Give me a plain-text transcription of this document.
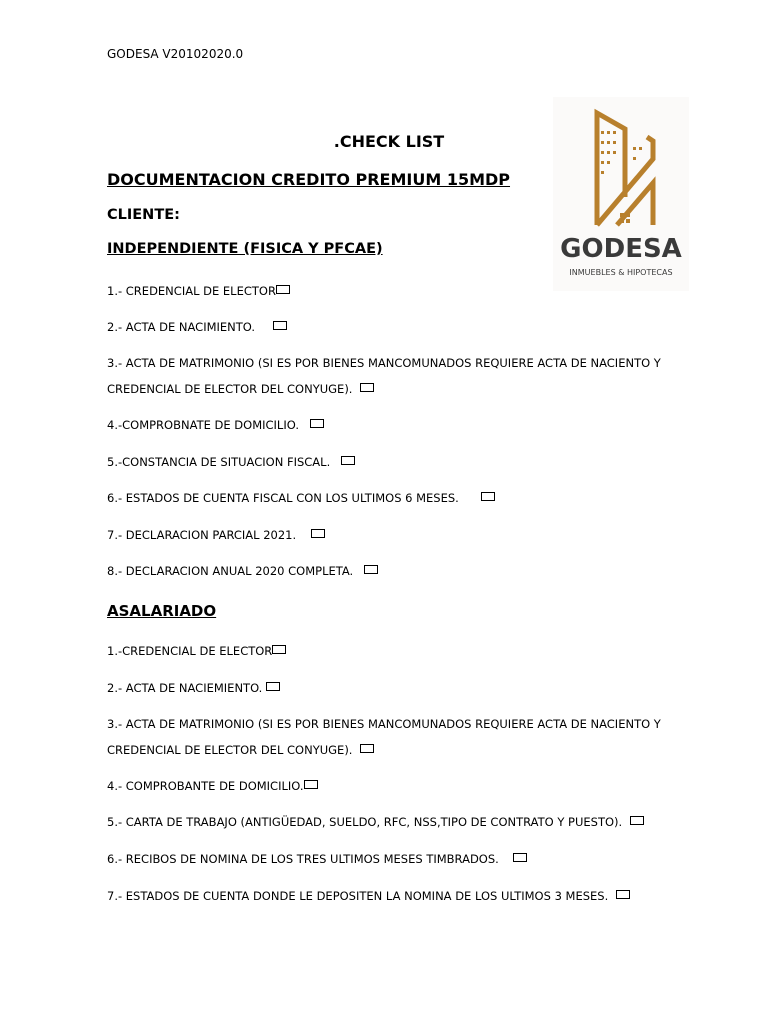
GODESA V20102020.0
GODESA
INMUEBLES & HIPOTECAS
.CHECK LIST
DOCUMENTACION CREDITO PREMIUM 15MDP
CLIENTE:
INDEPENDIENTE (FISICA Y PFCAE)
1.- CREDENCIAL DE ELECTOR
2.- ACTA DE NACIMIENTO.
3.- ACTA DE MATRIMONIO (SI ES POR BIENES MANCOMUNADOS REQUIERE ACTA DE NACIENTO Y
CREDENCIAL DE ELECTOR DEL CONYUGE).
4.-COMPROBNATE DE DOMICILIO.
5.-CONSTANCIA DE SITUACION FISCAL.
6.- ESTADOS DE CUENTA FISCAL CON LOS ULTIMOS 6 MESES.
7.- DECLARACION PARCIAL 2021.
8.- DECLARACION ANUAL 2020 COMPLETA.
ASALARIADO
1.-CREDENCIAL DE ELECTOR
2.- ACTA DE NACIEMIENTO.
3.- ACTA DE MATRIMONIO (SI ES POR BIENES MANCOMUNADOS REQUIERE ACTA DE NACIENTO Y
CREDENCIAL DE ELECTOR DEL CONYUGE).
4.- COMPROBANTE DE DOMICILIO.
5.- CARTA DE TRABAJO (ANTIGÜEDAD, SUELDO, RFC, NSS,TIPO DE CONTRATO Y PUESTO).
6.- RECIBOS DE NOMINA DE LOS TRES ULTIMOS MESES TIMBRADOS.
7.- ESTADOS DE CUENTA DONDE LE DEPOSITEN LA NOMINA DE LOS ULTIMOS 3 MESES.
